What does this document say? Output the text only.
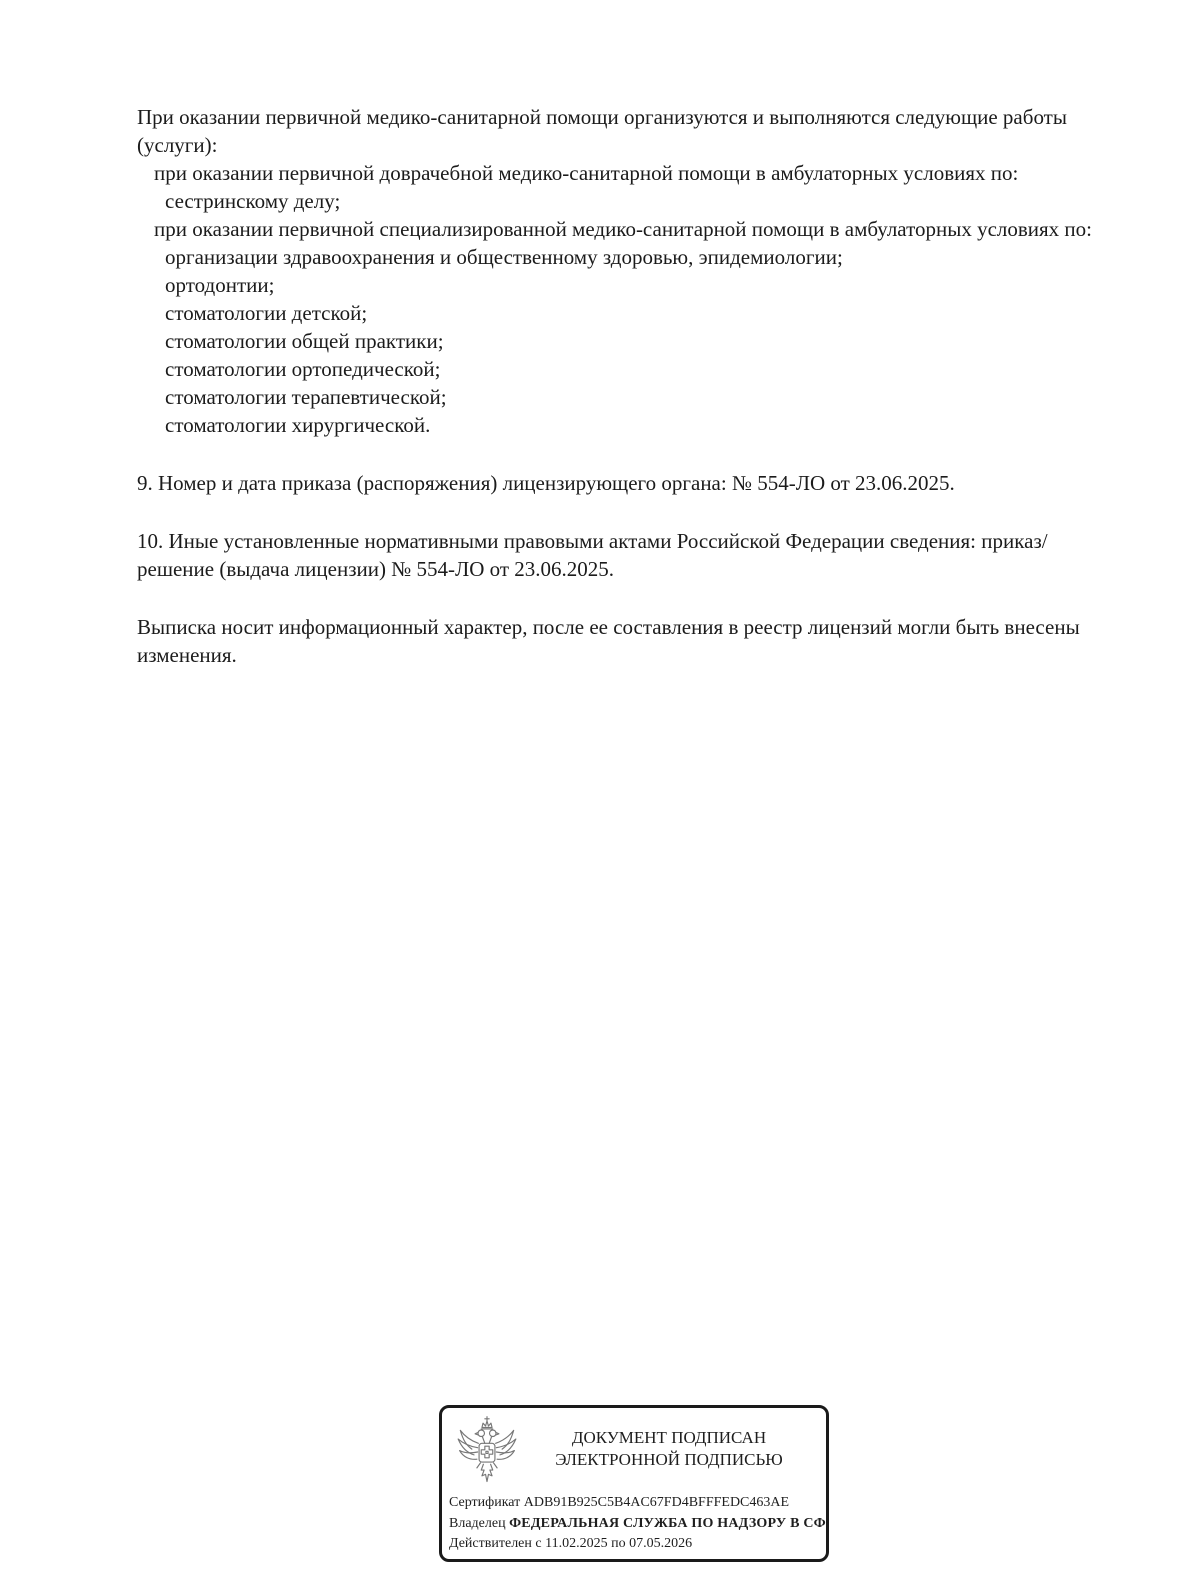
При оказании первичной медико-санитарной помощи организуются и выполняются следующие работы (услуги):

при оказании первичной доврачебной медико-санитарной помощи в амбулаторных условиях по:

сестринскому делу;

при оказании первичной специализированной медико-санитарной помощи в амбулаторных условиях по:

организации здравоохранения и общественному здоровью, эпидемиологии;

ортодонтии;

стоматологии детской;

стоматологии общей практики;

стоматологии ортопедической;

стоматологии терапевтической;

стоматологии хирургической.

9. Номер и дата приказа (распоряжения) лицензирующего органа: № 554-ЛО от 23.06.2025.

10. Иные установленные нормативными правовыми актами Российской Федерации сведения: приказ/решение (выдача лицензии) № 554-ЛО от 23.06.2025.

Выписка носит информационный характер, после ее составления в реестр лицензий могли быть внесены изменения.

ДОКУМЕНТ ПОДПИСАН
ЭЛЕКТРОННОЙ ПОДПИСЬЮ
Сертификат ADB91B925C5B4AC67FD4BFFFEDC463AE
Владелец ФЕДЕРАЛЬНАЯ СЛУЖБА ПО НАДЗОРУ В СФ
Действителен с 11.02.2025 по 07.05.2026
